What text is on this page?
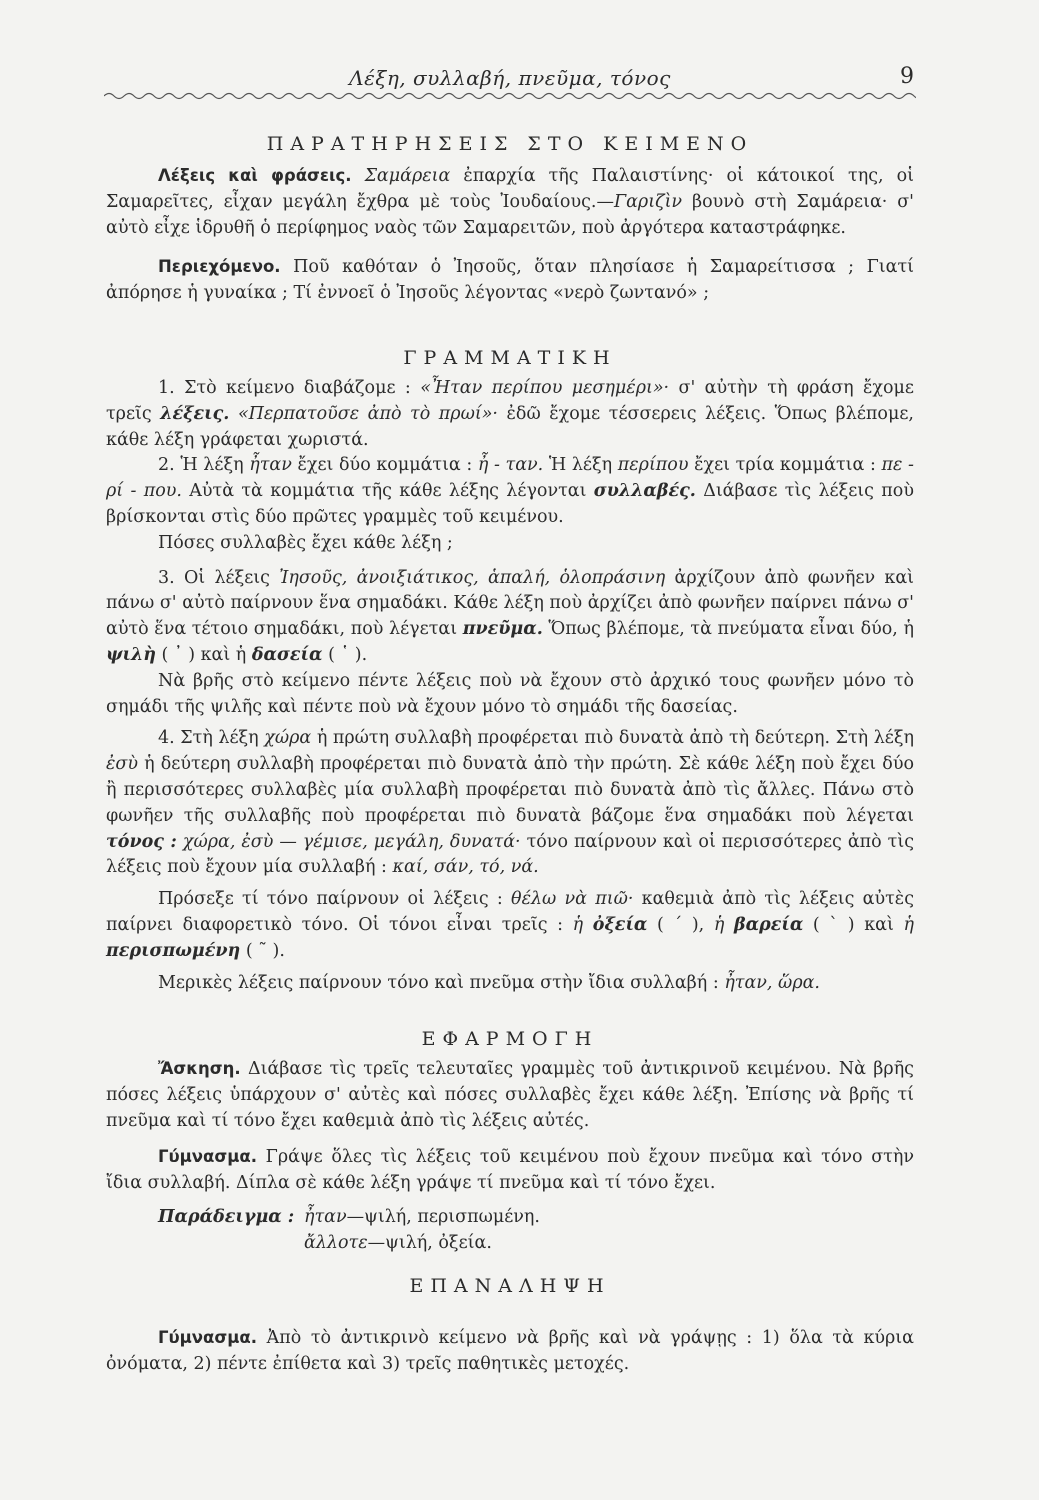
Λέξη, συλλαβή, πνεῦμα, τόνος	9
ΠΑΡΑΤΗΡΗΣΕΙΣ ΣΤΟ ΚΕΙΜΕΝΟ

Λέξεις καὶ φράσεις. Σαμάρεια ἐπαρχία τῆς Παλαιστίνης· οἱ κάτοικοί της, οἱ Σαμαρεῖτες, εἶχαν μεγάλη ἔχθρα μὲ τοὺς Ἰουδαίους.—Γαριζὶν βουνὸ στὴ Σαμάρεια· σ' αὐτὸ εἶχε ἱδρυθῆ ὁ περίφημος ναὸς τῶν Σαμαρειτῶν, ποὺ ἀργότερα καταστράφηκε.

Περιεχόμενο. Ποῦ καθόταν ὁ Ἰησοῦς, ὅταν πλησίασε ἡ Σαμαρείτισσα ; Γιατί ἀπόρησε ἡ γυναίκα ; Τί ἐννοεῖ ὁ Ἰησοῦς λέγοντας «νερὸ ζωντανό» ;

ΓΡΑΜΜΑΤΙΚΗ

1. Στὸ κείμενο διαβάζομε : «Ἦταν περίπου μεσημέρι»· σ' αὐτὴν τὴ φράση ἔχομε τρεῖς λέξεις. «Περπατοῦσε ἀπὸ τὸ πρωί»· ἐδῶ ἔχομε τέσσερεις λέξεις. Ὅπως βλέπομε, κάθε λέξη γράφεται χωριστά.

2. Ἡ λέξη ἦταν ἔχει δύο κομμάτια : ἦ - ταν. Ἡ λέξη περίπου ἔχει τρία κομμάτια : πε - ρί - που. Αὐτὰ τὰ κομμάτια τῆς κάθε λέξης λέγονται συλλαβές. Διάβασε τὶς λέξεις ποὺ βρίσκονται στὶς δύο πρῶτες γραμμὲς τοῦ κειμένου.

Πόσες συλλαβὲς ἔχει κάθε λέξη ;

3. Οἱ λέξεις Ἰησοῦς, ἀνοιξιάτικος, ἁπαλή, ὁλοπράσινη ἀρχίζουν ἀπὸ φωνῆεν καὶ πάνω σ' αὐτὸ παίρνουν ἕνα σημαδάκι. Κάθε λέξη ποὺ ἀρχίζει ἀπὸ φωνῆεν παίρνει πάνω σ' αὐτὸ ἕνα τέτοιο σημαδάκι, ποὺ λέγεται πνεῦμα. Ὅπως βλέπομε, τὰ πνεύματα εἶναι δύο, ἡ ψιλὴ ( ᾿ ) καὶ ἡ δασεία ( ῾ ).

Νὰ βρῆς στὸ κείμενο πέντε λέξεις ποὺ νὰ ἔχουν στὸ ἀρχικό τους φωνῆεν μόνο τὸ σημάδι τῆς ψιλῆς καὶ πέντε ποὺ νὰ ἔχουν μόνο τὸ σημάδι τῆς δασείας.

4. Στὴ λέξη χώρα ἡ πρώτη συλλαβὴ προφέρεται πιὸ δυνατὰ ἀπὸ τὴ δεύτερη. Στὴ λέξη ἐσὺ ἡ δεύτερη συλλαβὴ προφέρεται πιὸ δυνατὰ ἀπὸ τὴν πρώτη. Σὲ κάθε λέξη ποὺ ἔχει δύο ἢ περισσότερες συλλαβὲς μία συλλαβὴ προφέρεται πιὸ δυνατὰ ἀπὸ τὶς ἄλλες. Πάνω στὸ φωνῆεν τῆς συλλαβῆς ποὺ προφέρεται πιὸ δυνατὰ βάζομε ἕνα σημαδάκι ποὺ λέγεται τόνος : χώρα, ἐσὺ — γέμισε, μεγάλη, δυνατά· τόνο παίρνουν καὶ οἱ περισσότερες ἀπὸ τὶς λέξεις ποὺ ἔχουν μία συλλαβή : καί, σάν, τό, νά.

Πρόσεξε τί τόνο παίρνουν οἱ λέξεις : θέλω νὰ πιῶ· καθεμιὰ ἀπὸ τὶς λέξεις αὐτὲς παίρνει διαφορετικὸ τόνο. Οἱ τόνοι εἶναι τρεῖς : ἡ ὀξεία ( ´ ), ἡ βαρεία ( ` ) καὶ ἡ περισπωμένη ( ῀ ).

Μερικὲς λέξεις παίρνουν τόνο καὶ πνεῦμα στὴν ἴδια συλλαβή : ἦταν, ὥρα.

ΕΦΑΡΜΟΓΗ

Ἄσκηση. Διάβασε τὶς τρεῖς τελευταῖες γραμμὲς τοῦ ἀντικρινοῦ κειμένου. Νὰ βρῆς πόσες λέξεις ὑπάρχουν σ' αὐτὲς καὶ πόσες συλλαβὲς ἔχει κάθε λέξη. Ἐπίσης νὰ βρῆς τί πνεῦμα καὶ τί τόνο ἔχει καθεμιὰ ἀπὸ τὶς λέξεις αὐτές.

Γύμνασμα. Γράψε ὅλες τὶς λέξεις τοῦ κειμένου ποὺ ἔχουν πνεῦμα καὶ τόνο στὴν ἴδια συλλαβή. Δίπλα σὲ κάθε λέξη γράψε τί πνεῦμα καὶ τί τόνο ἔχει.

Παράδειγμα : ἦταν—ψιλή, περισπωμένη.
ἄλλοτε—ψιλή, ὀξεία.
ΕΠΑΝΑΛΗΨΗ

Γύμνασμα. Ἀπὸ τὸ ἀντικρινὸ κείμενο νὰ βρῆς καὶ νὰ γράψῃς : 1) ὅλα τὰ κύρια ὀνόματα, 2) πέντε ἐπίθετα καὶ 3) τρεῖς παθητικὲς μετοχές.
